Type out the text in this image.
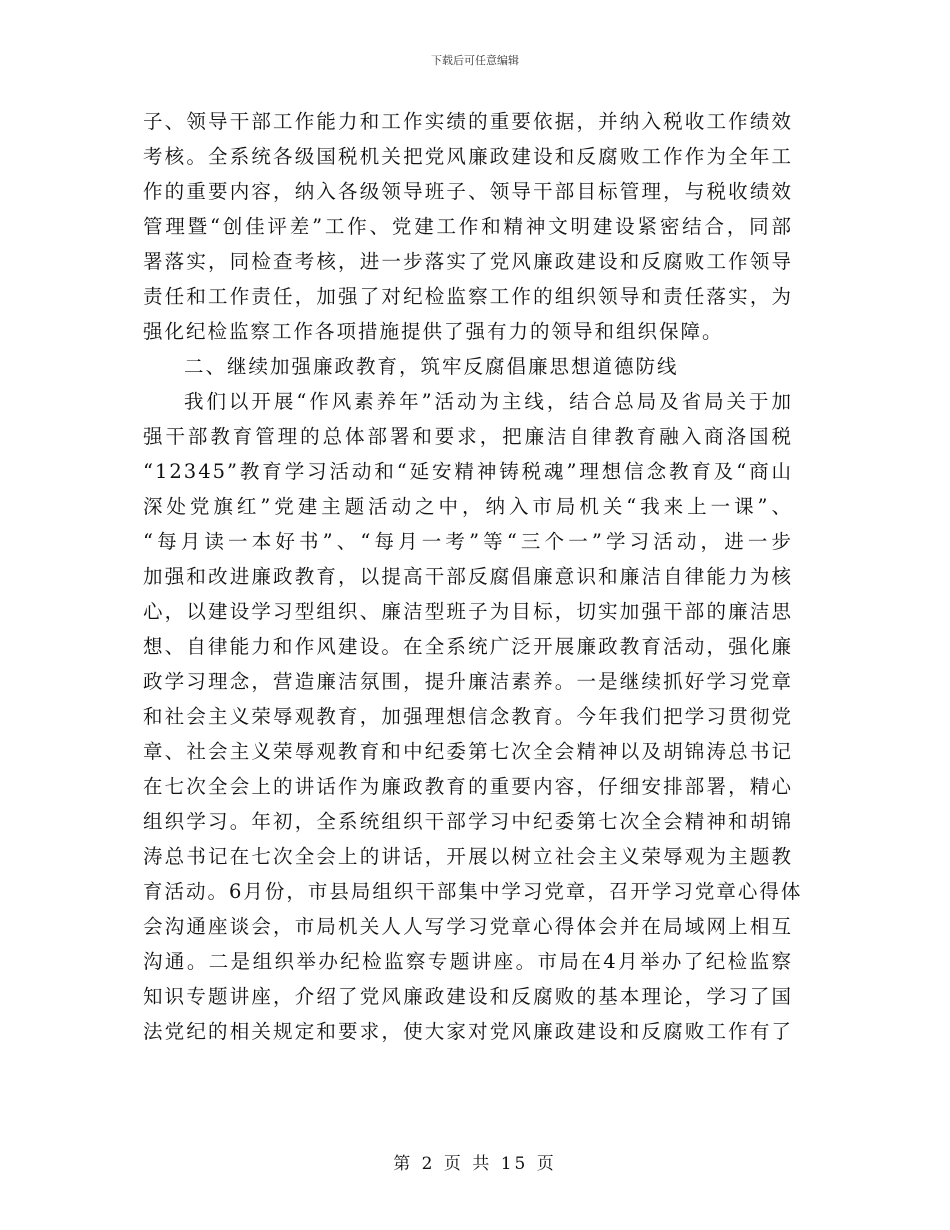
下载后可任意编辑
子、领导干部工作能力和工作实绩的重要依据，并纳入税收工作绩效
考核。全系统各级国税机关把党风廉政建设和反腐败工作作为全年工
作的重要内容，纳入各级领导班子、领导干部目标管理，与税收绩效
管理暨“创佳评差”工作、党建工作和精神文明建设紧密结合，同部
署落实，同检查考核，进一步落实了党风廉政建设和反腐败工作领导
责任和工作责任，加强了对纪检监察工作的组织领导和责任落实，为
强化纪检监察工作各项措施提供了强有力的领导和组织保障。
二、继续加强廉政教育，筑牢反腐倡廉思想道德防线
我们以开展“作风素养年”活动为主线，结合总局及省局关于加
强干部教育管理的总体部署和要求，把廉洁自律教育融入商洛国税
“12345”教育学习活动和“延安精神铸税魂”理想信念教育及“商山
深处党旗红”党建主题活动之中，纳入市局机关“我来上一课”、
“每月读一本好书”、“每月一考”等“三个一”学习活动，进一步
加强和改进廉政教育，以提高干部反腐倡廉意识和廉洁自律能力为核
心，以建设学习型组织、廉洁型班子为目标，切实加强干部的廉洁思
想、自律能力和作风建设。在全系统广泛开展廉政教育活动，强化廉
政学习理念，营造廉洁氛围，提升廉洁素养。一是继续抓好学习党章
和社会主义荣辱观教育，加强理想信念教育。今年我们把学习贯彻党
章、社会主义荣辱观教育和中纪委第七次全会精神以及胡锦涛总书记
在七次全会上的讲话作为廉政教育的重要内容，仔细安排部署，精心
组织学习。年初，全系统组织干部学习中纪委第七次全会精神和胡锦
涛总书记在七次全会上的讲话，开展以树立社会主义荣辱观为主题教
育活动。6月份，市县局组织干部集中学习党章，召开学习党章心得体
会沟通座谈会，市局机关人人写学习党章心得体会并在局域网上相互
沟通。二是组织举办纪检监察专题讲座。市局在4月举办了纪检监察
知识专题讲座，介绍了党风廉政建设和反腐败的基本理论，学习了国
法党纪的相关规定和要求，使大家对党风廉政建设和反腐败工作有了
第 2 页 共 15 页
